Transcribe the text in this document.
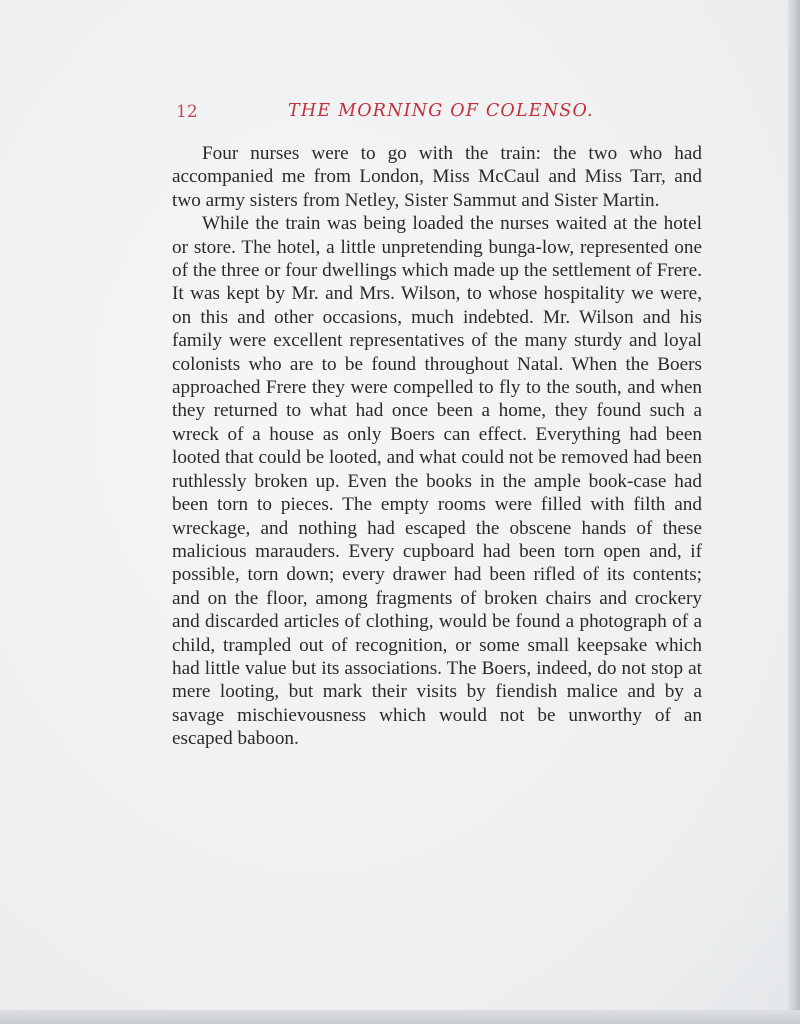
12	THE MORNING OF COLENSO.

Four nurses were to go with the train: the two who had accompanied me from London, Miss McCaul and Miss Tarr, and two army sisters from Netley, Sister Sammut and Sister Martin.

While the train was being loaded the nurses waited at the hotel or store. The hotel, a little unpretending bunga-low, represented one of the three or four dwellings which made up the settlement of Frere. It was kept by Mr. and Mrs. Wilson, to whose hospitality we were, on this and other occasions, much indebted. Mr. Wilson and his family were excellent representatives of the many sturdy and loyal colonists who are to be found throughout Natal. When the Boers approached Frere they were compelled to fly to the south, and when they returned to what had once been a home, they found such a wreck of a house as only Boers can effect. Everything had been looted that could be looted, and what could not be removed had been ruthlessly broken up. Even the books in the ample book-case had been torn to pieces. The empty rooms were filled with filth and wreckage, and nothing had escaped the obscene hands of these malicious marauders. Every cupboard had been torn open and, if possible, torn down; every drawer had been rifled of its contents; and on the floor, among fragments of broken chairs and crockery and discarded articles of clothing, would be found a photograph of a child, trampled out of recognition, or some small keepsake which had little value but its associations. The Boers, indeed, do not stop at mere looting, but mark their visits by fiendish malice and by a savage mischievousness which would not be unworthy of an escaped baboon.
